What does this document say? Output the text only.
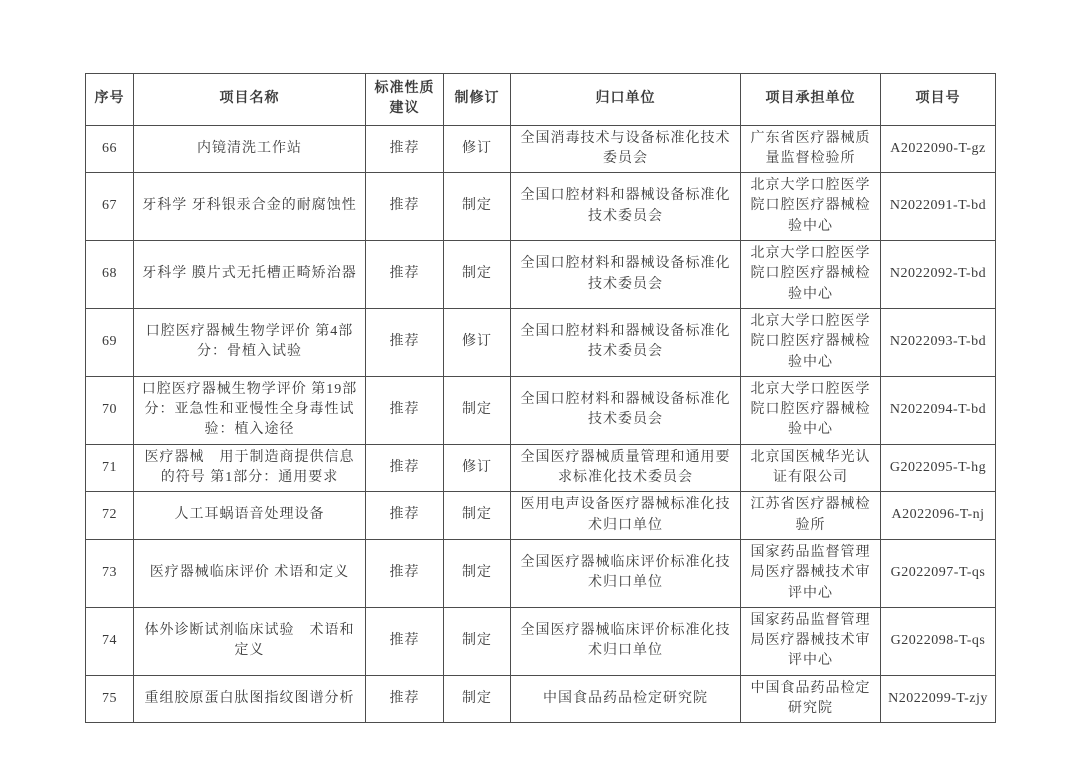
序号	项目名称	标准性质建议	制修订	归口单位	项目承担单位	项目号
66	内镜清洗工作站	推荐	修订	全国消毒技术与设备标准化技术委员会	广东省医疗器械质量监督检验所	A2022090-T-gz
67	牙科学 牙科银汞合金的耐腐蚀性	推荐	制定	全国口腔材料和器械设备标准化技术委员会	北京大学口腔医学院口腔医疗器械检验中心	N2022091-T-bd
68	牙科学 膜片式无托槽正畸矫治器	推荐	制定	全国口腔材料和器械设备标准化技术委员会	北京大学口腔医学院口腔医疗器械检验中心	N2022092-T-bd
69	口腔医疗器械生物学评价 第4部分：骨植入试验	推荐	修订	全国口腔材料和器械设备标准化技术委员会	北京大学口腔医学院口腔医疗器械检验中心	N2022093-T-bd
70	口腔医疗器械生物学评价 第19部分：亚急性和亚慢性全身毒性试验：植入途径	推荐	制定	全国口腔材料和器械设备标准化技术委员会	北京大学口腔医学院口腔医疗器械检验中心	N2022094-T-bd
71	医疗器械　用于制造商提供信息的符号 第1部分：通用要求	推荐	修订	全国医疗器械质量管理和通用要求标准化技术委员会	北京国医械华光认证有限公司	G2022095-T-hg
72	人工耳蜗语音处理设备	推荐	制定	医用电声设备医疗器械标准化技术归口单位	江苏省医疗器械检验所	A2022096-T-nj
73	医疗器械临床评价 术语和定义	推荐	制定	全国医疗器械临床评价标准化技术归口单位	国家药品监督管理局医疗器械技术审评中心	G2022097-T-qs
74	体外诊断试剂临床试验　术语和定义	推荐	制定	全国医疗器械临床评价标准化技术归口单位	国家药品监督管理局医疗器械技术审评中心	G2022098-T-qs
75	重组胶原蛋白肽图指纹图谱分析	推荐	制定	中国食品药品检定研究院	中国食品药品检定研究院	N2022099-T-zjy
